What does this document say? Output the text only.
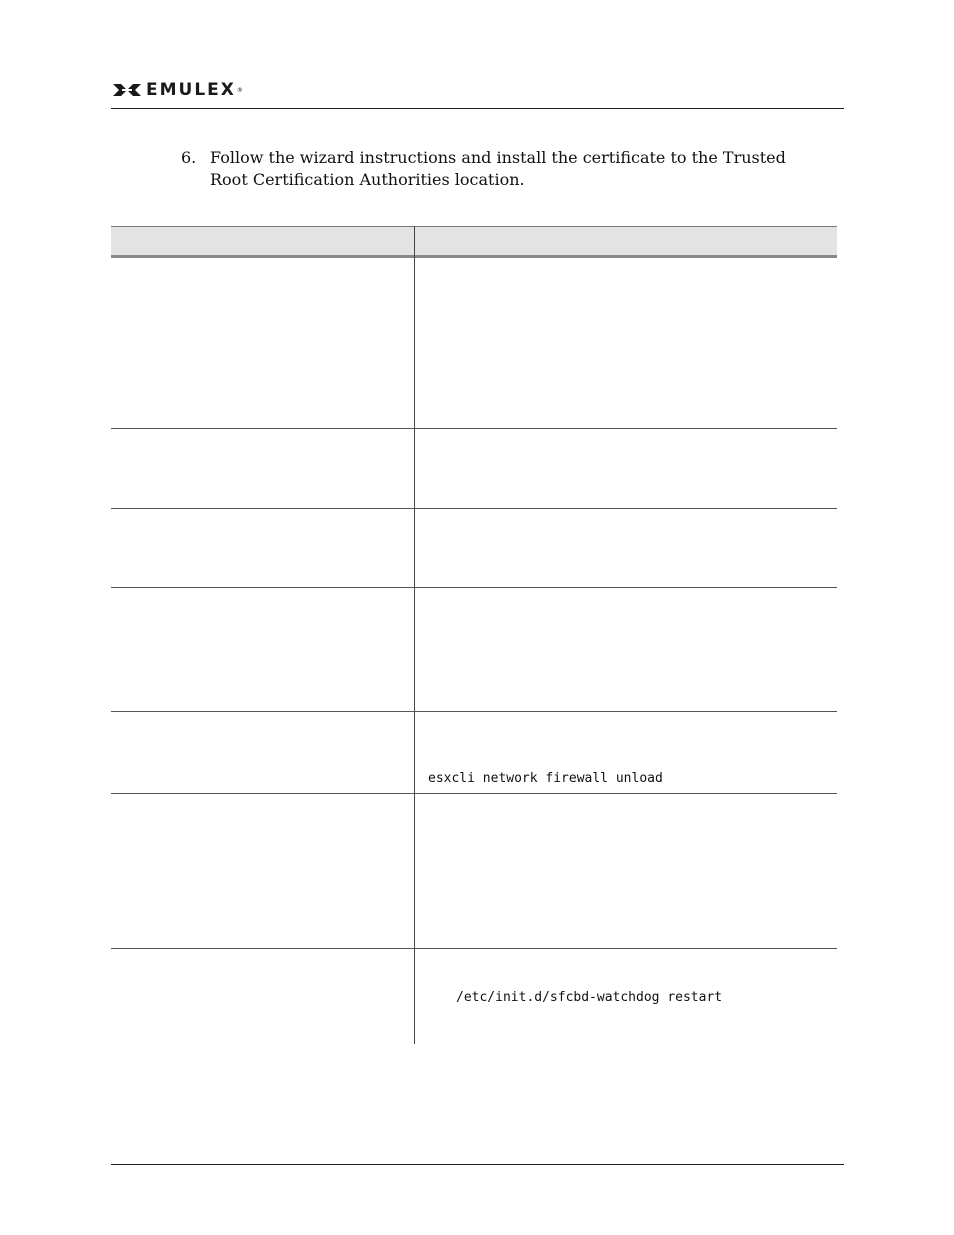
EMULEX ®
6. Follow the wizard instructions and install the certificate to the Trusted Root Certification Authorities location.
esxcli network firewall unload
/etc/init.d/sfcbd-watchdog restart
